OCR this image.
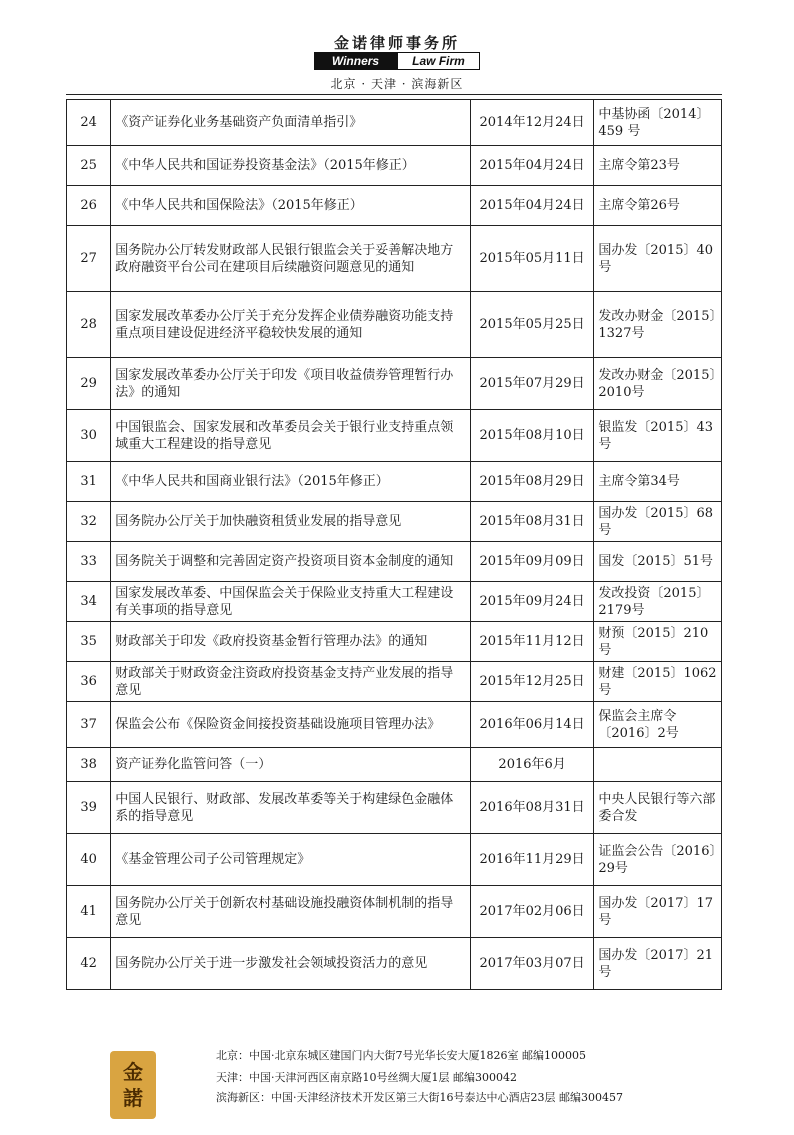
金诺律师事务所
Winners	Law Firm
北京 · 天津 · 滨海新区
24	《资产证券化业务基础资产负面清单指引》	2014年12月24日	中基协函〔2014〕459 号
25	《中华人民共和国证券投资基金法》（2015年修正）	2015年04月24日	主席令第23号
26	《中华人民共和国保险法》（2015年修正）	2015年04月24日	主席令第26号
27	国务院办公厅转发财政部人民银行银监会关于妥善解决地方政府融资平台公司在建项目后续融资问题意见的通知	2015年05月11日	国办发〔2015〕40号
28	国家发展改革委办公厅关于充分发挥企业债券融资功能支持重点项目建设促进经济平稳较快发展的通知	2015年05月25日	发改办财金〔2015〕1327号
29	国家发展改革委办公厅关于印发《项目收益债券管理暂行办法》的通知	2015年07月29日	发改办财金〔2015〕2010号
30	中国银监会、国家发展和改革委员会关于银行业支持重点领域重大工程建设的指导意见	2015年08月10日	银监发〔2015〕43号
31	《中华人民共和国商业银行法》（2015年修正）	2015年08月29日	主席令第34号
32	国务院办公厅关于加快融资租赁业发展的指导意见	2015年08月31日	国办发〔2015〕68号
33	国务院关于调整和完善固定资产投资项目资本金制度的通知	2015年09月09日	国发〔2015〕51号
34	国家发展改革委、中国保监会关于保险业支持重大工程建设有关事项的指导意见	2015年09月24日	发改投资〔2015〕2179号
35	财政部关于印发《政府投资基金暂行管理办法》的通知	2015年11月12日	财预〔2015〕210号
36	财政部关于财政资金注资政府投资基金支持产业发展的指导意见	2015年12月25日	财建〔2015〕1062号
37	保监会公布《保险资金间接投资基础设施项目管理办法》	2016年06月14日	保监会主席令〔2016〕2号
38	资产证券化监管问答（一）	2016年6月	
39	中国人民银行、财政部、发展改革委等关于构建绿色金融体系的指导意见	2016年08月31日	中央人民银行等六部委合发
40	《基金管理公司子公司管理规定》	2016年11月29日	证监会公告〔2016〕29号
41	国务院办公厅关于创新农村基础设施投融资体制机制的指导意见	2017年02月06日	国办发〔2017〕17号
42	国务院办公厅关于进一步激发社会领域投资活力的意见	2017年03月07日	国办发〔2017〕21号
金
諾
北京：中国·北京东城区建国门内大街7号光华长安大厦1826室 邮编100005
天津：中国·天津河西区南京路10号丝绸大厦1层 邮编300042
滨海新区：中国·天津经济技术开发区第三大街16号泰达中心酒店23层 邮编300457
